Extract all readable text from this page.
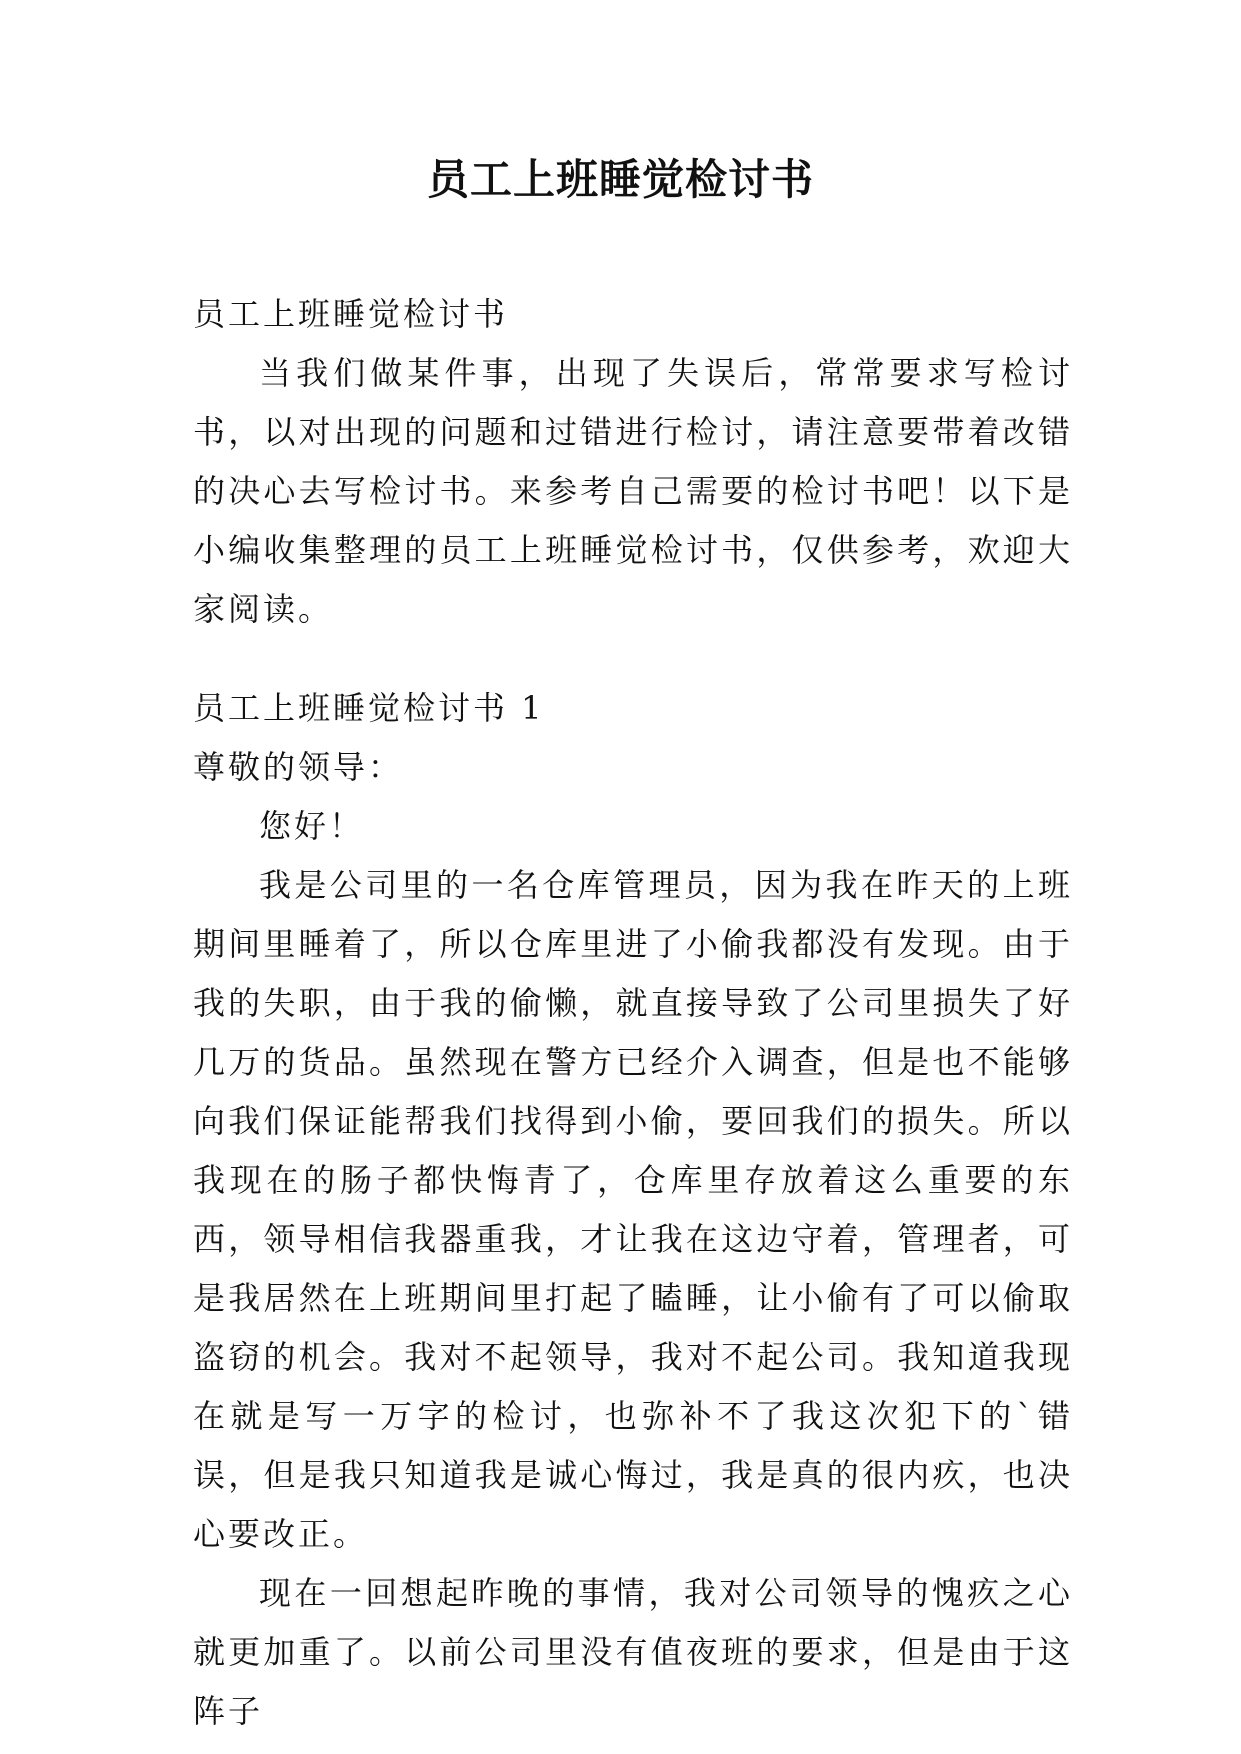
员工上班睡觉检讨书

员工上班睡觉检讨书

当我们做某件事，出现了失误后，常常要求写检讨书，以对出现的问题和过错进行检讨，请注意要带着改错的决心去写检讨书。来参考自己需要的检讨书吧！以下是小编收集整理的员工上班睡觉检讨书，仅供参考，欢迎大家阅读。

员工上班睡觉检讨书 1

尊敬的领导：

您好！

我是公司里的一名仓库管理员，因为我在昨天的上班期间里睡着了，所以仓库里进了小偷我都没有发现。由于我的失职，由于我的偷懒，就直接导致了公司里损失了好几万的货品。虽然现在警方已经介入调查，但是也不能够向我们保证能帮我们找得到小偷，要回我们的损失。所以我现在的肠子都快悔青了，仓库里存放着这么重要的东西，领导相信我器重我，才让我在这边守着，管理者，可是我居然在上班期间里打起了瞌睡，让小偷有了可以偷取盗窃的机会。我对不起领导，我对不起公司。我知道我现在就是写一万字的检讨，也弥补不了我这次犯下的`错误，但是我只知道我是诚心悔过，我是真的很内疚，也决心要改正。

现在一回想起昨晚的事情，我对公司领导的愧疚之心就更加重了。以前公司里没有值夜班的要求，但是由于这阵子
